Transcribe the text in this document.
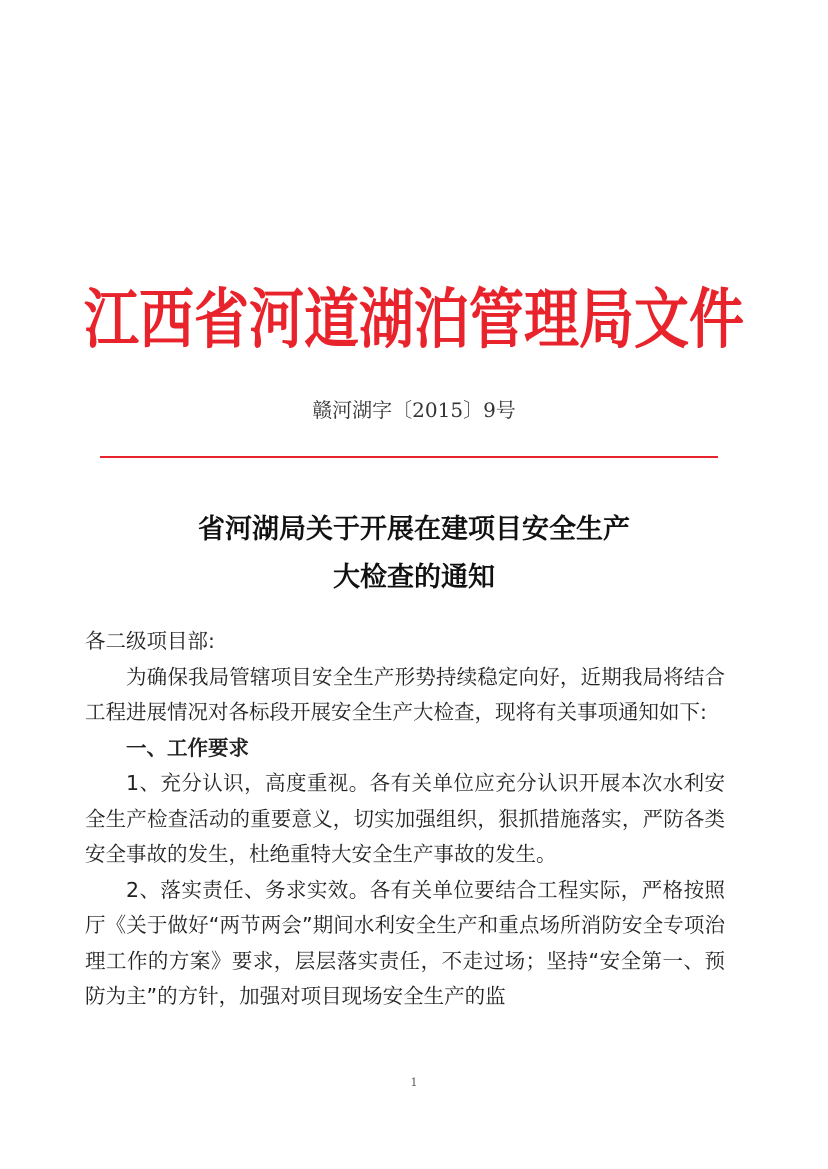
江西省河道湖泊管理局文件
赣河湖字〔2015〕9号
省河湖局关于开展在建项目安全生产
大检查的通知

各二级项目部:

为确保我局管辖项目安全生产形势持续稳定向好，近期我局将结合工程进展情况对各标段开展安全生产大检查，现将有关事项通知如下:

一、工作要求

1、充分认识，高度重视。各有关单位应充分认识开展本次水利安全生产检查活动的重要意义，切实加强组织，狠抓措施落实，严防各类安全事故的发生，杜绝重特大安全生产事故的发生。

2、落实责任、务求实效。各有关单位要结合工程实际，严格按照厅《关于做好“两节两会”期间水利安全生产和重点场所消防安全专项治理工作的方案》要求，层层落实责任，不走过场；坚持“安全第一、预防为主”的方针，加强对项目现场安全生产的监

1
